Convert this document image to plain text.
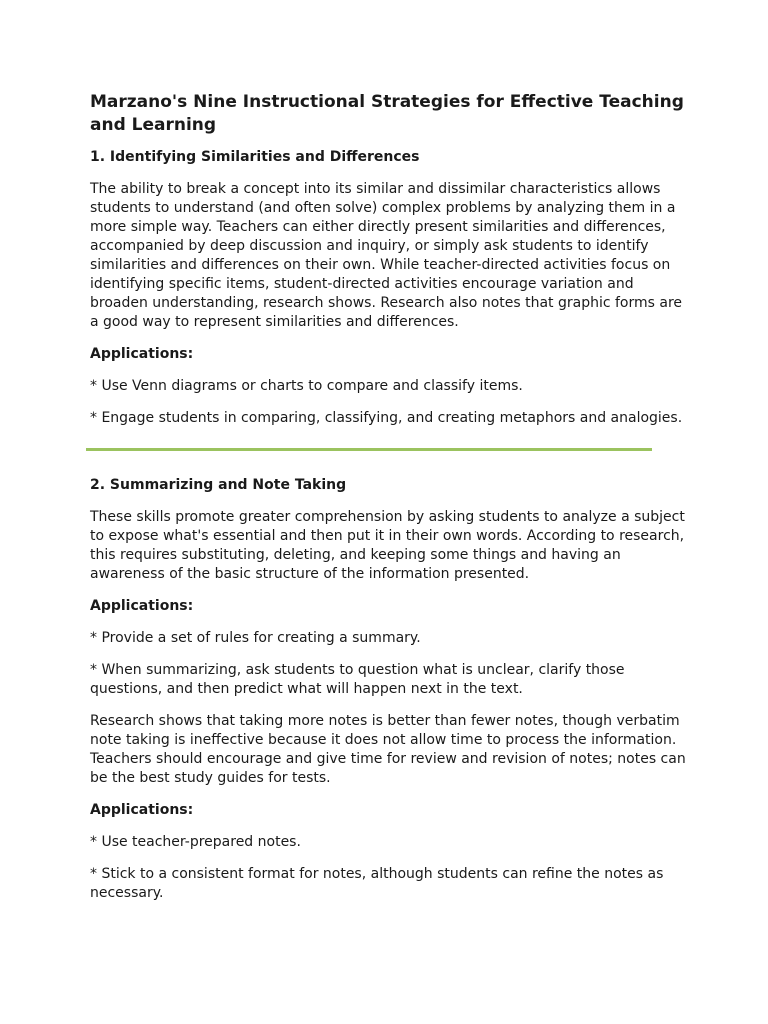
Marzano's Nine Instructional Strategies for Effective Teaching and Learning
1. Identifying Similarities and Differences

The ability to break a concept into its similar and dissimilar characteristics allows students to understand (and often solve) complex problems by analyzing them in a more simple way. Teachers can either directly present similarities and differences, accompanied by deep discussion and inquiry, or simply ask students to identify similarities and differences on their own. While teacher-directed activities focus on identifying specific items, student-directed activities encourage variation and broaden understanding, research shows. Research also notes that graphic forms are a good way to represent similarities and differences.

Applications:

* Use Venn diagrams or charts to compare and classify items.

* Engage students in comparing, classifying, and creating metaphors and analogies.

2. Summarizing and Note Taking

These skills promote greater comprehension by asking students to analyze a subject to expose what's essential and then put it in their own words. According to research, this requires substituting, deleting, and keeping some things and having an awareness of the basic structure of the information presented.

Applications:

* Provide a set of rules for creating a summary.

* When summarizing, ask students to question what is unclear, clarify those questions, and then predict what will happen next in the text.

Research shows that taking more notes is better than fewer notes, though verbatim note taking is ineffective because it does not allow time to process the information. Teachers should encourage and give time for review and revision of notes; notes can be the best study guides for tests.

Applications:

* Use teacher-prepared notes.

* Stick to a consistent format for notes, although students can refine the notes as necessary.
